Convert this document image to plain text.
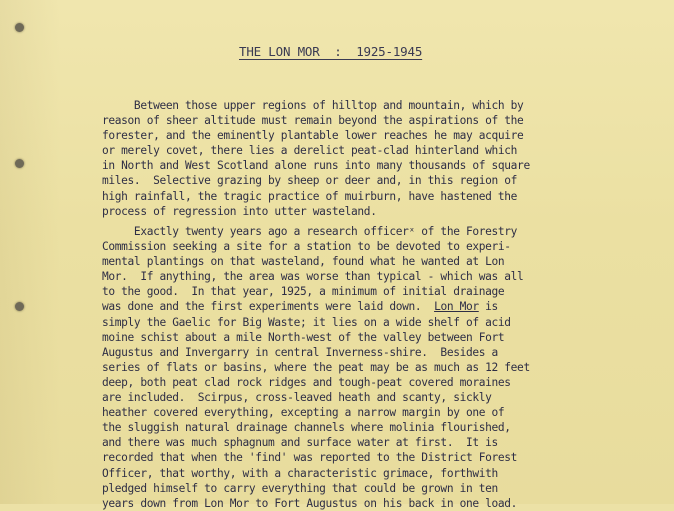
THE LON MOR  :  1925-1945
Between those upper regions of hilltop and mountain, which by
reason of sheer altitude must remain beyond the aspirations of the
forester, and the eminently plantable lower reaches he may acquire
or merely covet, there lies a derelict peat-clad hinterland which
in North and West Scotland alone runs into many thousands of square
miles.  Selective grazing by sheep or deer and, in this region of
high rainfall, the tragic practice of muirburn, have hastened the
process of regression into utter wasteland.
Exactly twenty years ago a research officerˣ of the Forestry
Commission seeking a site for a station to be devoted to experi-
mental plantings on that wasteland, found what he wanted at Lon
Mor.  If anything, the area was worse than typical - which was all
to the good.  In that year, 1925, a minimum of initial drainage
was done and the first experiments were laid down. Lon Mor is
simply the Gaelic for Big Waste; it lies on a wide shelf of acid
moine schist about a mile North-west of the valley between Fort
Augustus and Invergarry in central Inverness-shire.  Besides a
series of flats or basins, where the peat may be as much as 12 feet
deep, both peat clad rock ridges and tough-peat covered moraines
are included.  Scirpus, cross-leaved heath and scanty, sickly
heather covered everything, excepting a narrow margin by one of
the sluggish natural drainage channels where molinia flourished,
and there was much sphagnum and surface water at first.  It is
recorded that when the 'find' was reported to the District Forest
Officer, that worthy, with a characteristic grimace, forthwith
pledged himself to carry everything that could be grown in ten
years down from Lon Mor to Fort Augustus on his back in one load.
